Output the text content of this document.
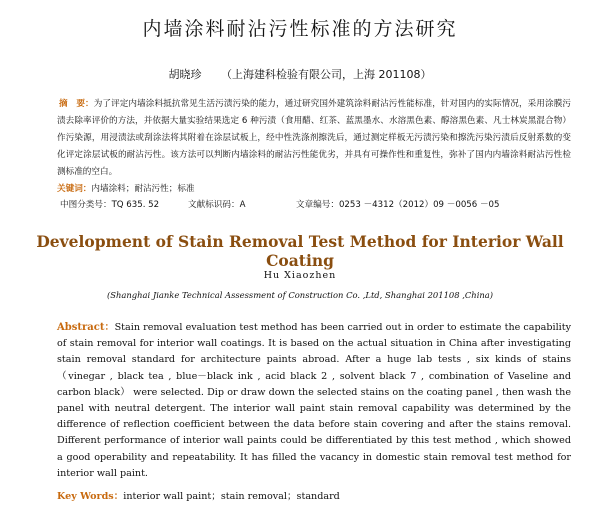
内墙涂料耐沾污性标准的方法研究
胡晓珍 （上海建科检验有限公司，上海 201108）
摘　要：为了评定内墙涂料抵抗常见生活污渍污染的能力，通过研究国外建筑涂料耐沾污性能标准，针对国内的实际情况，采用涂膜污渍去除率评价的方法，并依据大量实验结果选定 6 种污渍（食用醋、红茶、蓝黑墨水、水溶黑色素、醇溶黑色素、凡士林炭黑混合物）作污染源，用浸渍法或刮涂法将其附着在涂层试板上，经中性洗涤剂擦洗后，通过测定样板无污渍污染和擦洗污染污渍后反射系数的变化评定涂层试板的耐沾污性。该方法可以判断内墙涂料的耐沾污性能优劣，并具有可操作性和重复性，弥补了国内内墙涂料耐沾污性检测标准的空白。
关键词：内墙涂料；耐沾污性；标准
中图分类号：TQ 635. 52	文献标识码：A	文章编号：0253 －4312（2012）09 －0056 －05
Development of Stain Removal Test Method for Interior Wall Coating
Hu Xiaozhen
(Shanghai Jianke Technical Assessment of Construction Co. ,Ltd, Shanghai 201108 ,China)
Abstract：Stain removal evaluation test method has been carried out in order to estimate the capability of stain removal for interior wall coatings. It is based on the actual situation in China after investigating stain removal standard for architecture paints abroad. After a huge lab tests , six kinds of stains （vinegar , black tea , blue－black ink , acid black 2 , solvent black 7 , combination of Vaseline and carbon black） were selected. Dip or draw down the selected stains on the coating panel , then wash the panel with neutral detergent. The interior wall paint stain removal capability was determined by the difference of reflection coefficient between the data before stain covering and after the stains removal. Different performance of interior wall paints could be differentiated by this test method , which showed a good operability and repeatability. It has filled the vacancy in domestic stain removal test method for interior wall paint.
Key Words：interior wall paint；stain removal；standard
